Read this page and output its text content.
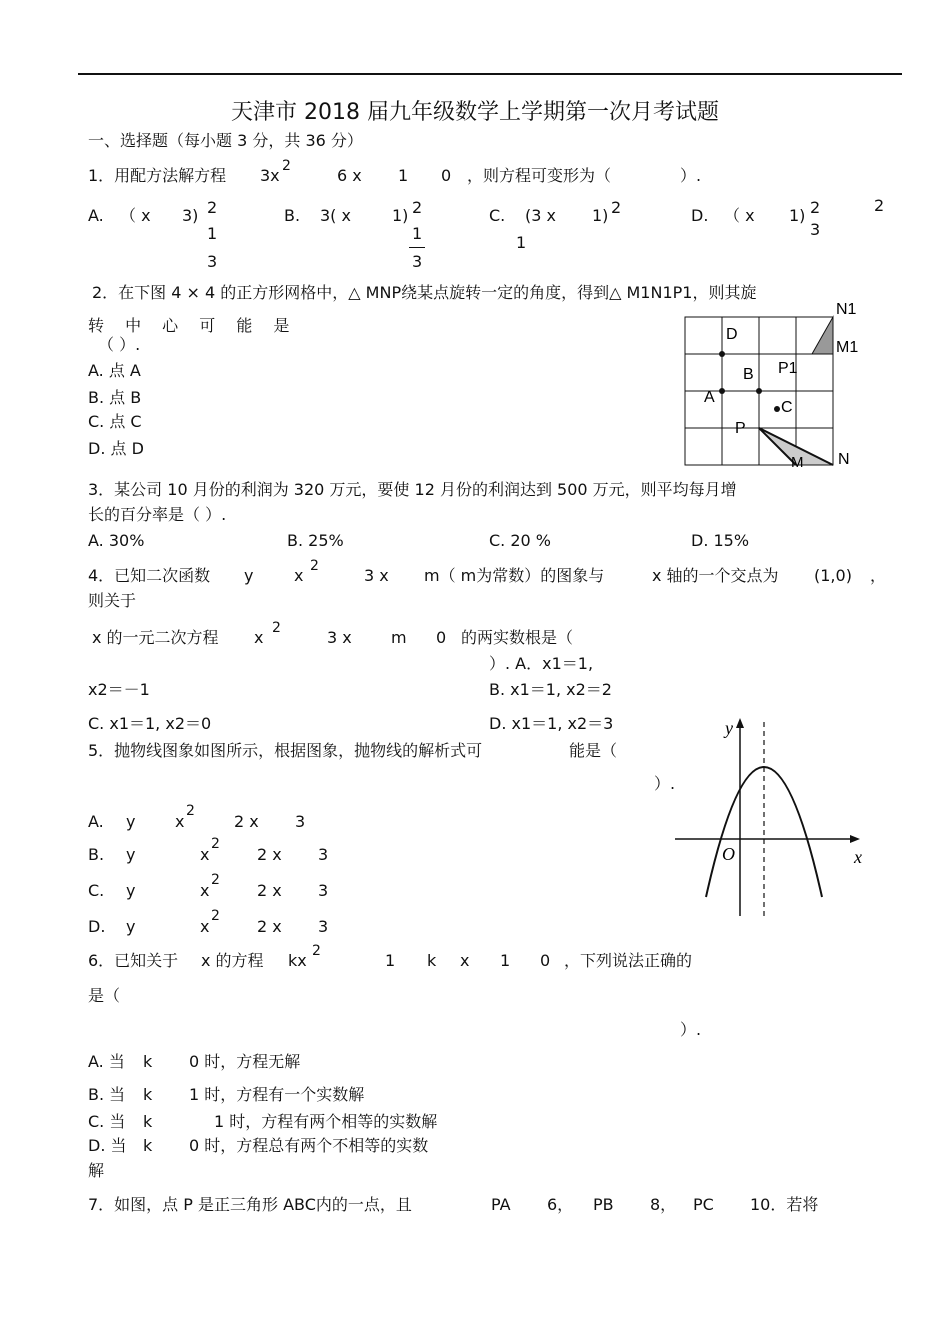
天津市 2018 届九年级数学上学期第一次月考试题
一、选择题（每小题 3 分，共 36 分）
1．用配方法解方程 3x 2	6 x 1 0 ，则方程可变形为（	）.
A. （ x 3) 2
1
3
B. 3( x	1) 2
1
3
C. (3 x 1) 2
1
D. （ x 1) 2
3
2
2．在下图 4 × 4 的正方形网格中，△ MNP绕某点旋转一定的角度，得到△ M1N1P1，则其旋
转 中 心 可 能 是
（ ）.
A. 点 A
B. 点 B
C. 点 C
D. 点 D
D
B P1
A
C
P
M N
N1
M1
3．某公司 10 月份的利润为 320 万元，要使 12 月份的利润达到 500 万元，则平均每月增
长的百分率是（ ）.
A. 30%	B. 25%	C. 20 %	D. 15%
4．已知二次函数 y	x 2	3 x m（ m为常数）的图象与	x 轴的一个交点为 (1,0) ，
则关于
x 的一元二次方程 x 2	3 x m 0 的两实数根是（
）. A．x1＝1,
x2＝－1	B. x1＝1, x2＝2
C. x1＝1, x2＝0	D. x1＝1, x2＝3
5．抛物线图象如图所示，根据图象，抛物线的解析式可	能是（
）.
A. y x
2
2 x 3
B. y	x
2
2 x 3
C. y	x
2
2 x 3
D. y	x
2
2 x 3
y
x
O
6．已知关于 x 的方程 kx 2	1 k x 1 0 ，下列说法正确的
是（
）.
A. 当 k 0 时，方程无解
B. 当 k 1 时，方程有一个实数解
C. 当 k	1 时，方程有两个相等的实数解
D. 当 k 0 时，方程总有两个不相等的实数
解
7．如图，点 P 是正三角形 ABC内的一点，且	PA 6， PB 8， PC 10．若将
